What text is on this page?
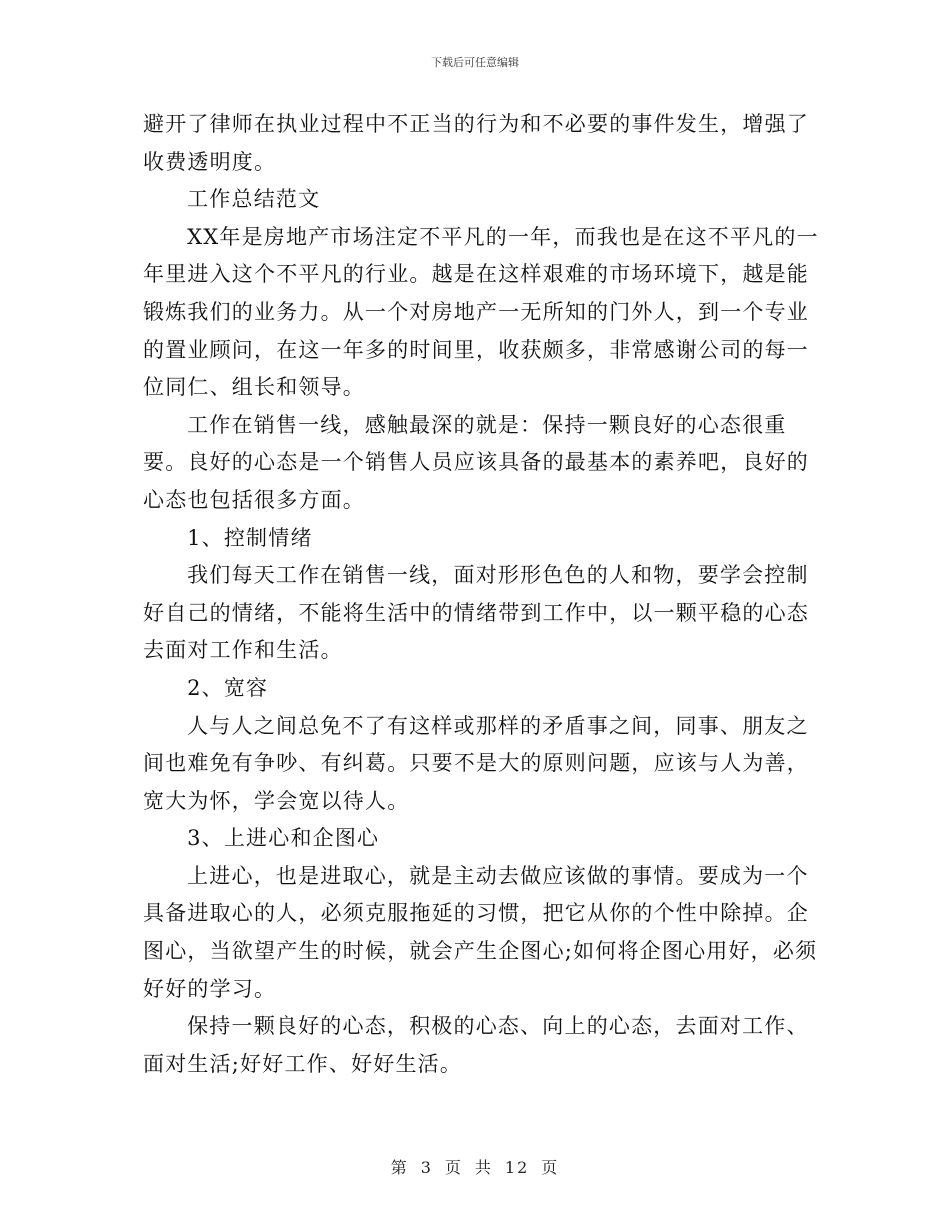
下载后可任意编辑

避开了律师在执业过程中不正当的行为和不必要的事件发生，增强了收费透明度。

工作总结范文

XX年是房地产市场注定不平凡的一年，而我也是在这不平凡的一年里进入这个不平凡的行业。越是在这样艰难的市场环境下，越是能锻炼我们的业务力。从一个对房地产一无所知的门外人，到一个专业的置业顾问，在这一年多的时间里，收获颇多，非常感谢公司的每一位同仁、组长和领导。

工作在销售一线，感触最深的就是：保持一颗良好的心态很重要。良好的心态是一个销售人员应该具备的最基本的素养吧，良好的心态也包括很多方面。

1、控制情绪

我们每天工作在销售一线，面对形形色色的人和物，要学会控制好自己的情绪，不能将生活中的情绪带到工作中，以一颗平稳的心态去面对工作和生活。

2、宽容

人与人之间总免不了有这样或那样的矛盾事之间，同事、朋友之间也难免有争吵、有纠葛。只要不是大的原则问题，应该与人为善，宽大为怀，学会宽以待人。

3、上进心和企图心

上进心，也是进取心，就是主动去做应该做的事情。要成为一个具备进取心的人，必须克服拖延的习惯，把它从你的个性中除掉。企图心，当欲望产生的时候，就会产生企图心;如何将企图心用好，必须好好的学习。

保持一颗良好的心态，积极的心态、向上的心态，去面对工作、面对生活;好好工作、好好生活。

第 3 页 共 12 页
